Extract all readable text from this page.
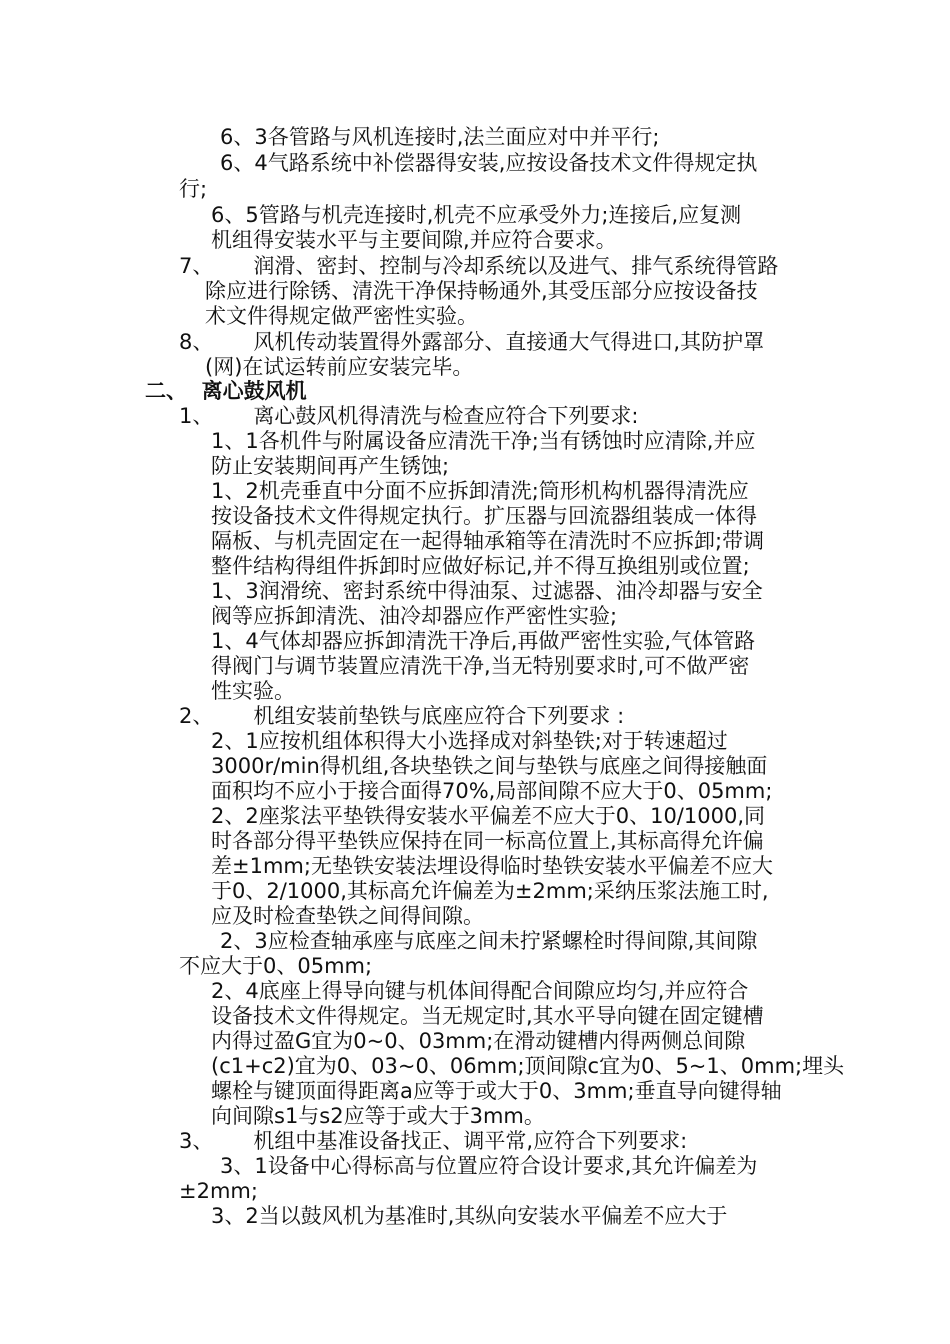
6、3各管路与风机连接时,法兰面应对中并平行;
6、4气路系统中补偿器得安装,应按设备技术文件得规定执
行;
6、5管路与机壳连接时,机壳不应承受外力;连接后,应复测
机组得安装水平与主要间隙,并应符合要求。
7、      润滑、密封、控制与冷却系统以及进气、排气系统得管路
除应进行除锈、清洗干净保持畅通外,其受压部分应按设备技
术文件得规定做严密性实验。
8、      风机传动装置得外露部分、直接通大气得进口,其防护罩
(网)在试运转前应安装完毕。
二、  离心鼓风机
1、      离心鼓风机得清洗与检查应符合下列要求:
1、1各机件与附属设备应清洗干净;当有锈蚀时应清除,并应
防止安装期间再产生锈蚀;
1、2机壳垂直中分面不应拆卸清洗;筒形机构机器得清洗应
按设备技术文件得规定执行。扩压器与回流器组装成一体得
隔板、与机壳固定在一起得轴承箱等在清洗时不应拆卸;带调
整件结构得组件拆卸时应做好标记,并不得互换组别或位置;
1、3润滑统、密封系统中得油泵、过滤器、油冷却器与安全
阀等应拆卸清洗、油冷却器应作严密性实验;
1、4气体却器应拆卸清洗干净后,再做严密性实验,气体管路
得阀门与调节装置应清洗干净,当无特别要求时,可不做严密
性实验。
2、      机组安装前垫铁与底座应符合下列要求 :
2、1应按机组体积得大小选择成对斜垫铁;对于转速超过
3000r/min得机组,各块垫铁之间与垫铁与底座之间得接触面
面积均不应小于接合面得70%,局部间隙不应大于0、05mm;
2、2座浆法平垫铁得安装水平偏差不应大于0、10/1000,同
时各部分得平垫铁应保持在同一标高位置上,其标高得允许偏
差±1mm;无垫铁安装法埋设得临时垫铁安装水平偏差不应大
于0、2/1000,其标高允许偏差为±2mm;采纳压浆法施工时,
应及时检查垫铁之间得间隙。
2、3应检查轴承座与底座之间未拧紧螺栓时得间隙,其间隙
不应大于0、05mm;
2、4底座上得导向键与机体间得配合间隙应均匀,并应符合
设备技术文件得规定。当无规定时,其水平导向键在固定键槽
内得过盈G宜为0~0、03mm;在滑动键槽内得两侧总间隙
(c1+c2)宜为0、03~0、06mm;顶间隙c宜为0、5~1、0mm;埋头
螺栓与键顶面得距离a应等于或大于0、3mm;垂直导向键得轴
向间隙s1与s2应等于或大于3mm。
3、      机组中基准设备找正、调平常,应符合下列要求:
3、1设备中心得标高与位置应符合设计要求,其允许偏差为
±2mm;
3、2当以鼓风机为基准时,其纵向安装水平偏差不应大于
